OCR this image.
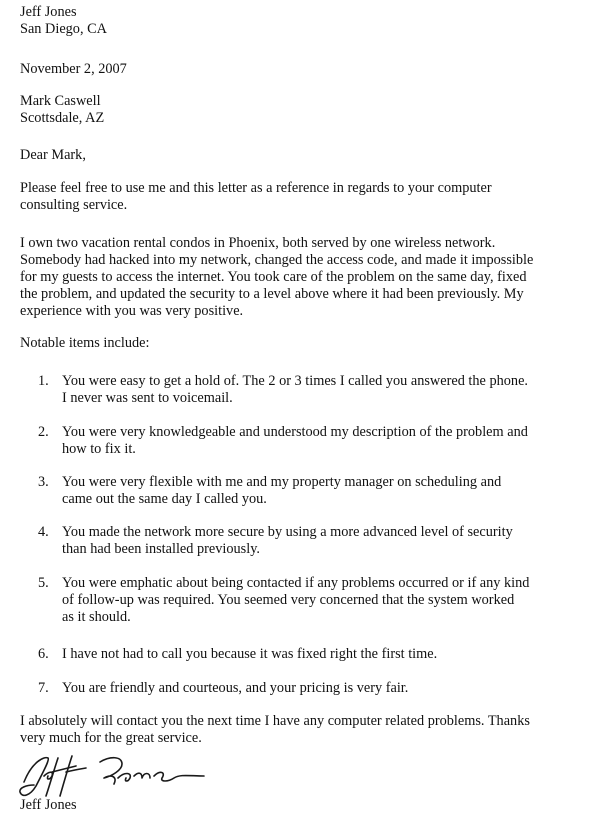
Jeff Jones
San Diego, CA
November 2, 2007
Mark Caswell
Scottsdale, AZ
Dear Mark,
Please feel free to use me and this letter as a reference in regards to your computer
consulting service.
I own two vacation rental condos in Phoenix, both served by one wireless network.
Somebody had hacked into my network, changed the access code, and made it impossible
for my guests to access the internet. You took care of the problem on the same day, fixed
the problem, and updated the security to a level above where it had been previously. My
experience with you was very positive.
Notable items include:
1. You were easy to get a hold of. The 2 or 3 times I called you answered the phone.
I never was sent to voicemail.
2. You were very knowledgeable and understood my description of the problem and
how to fix it.
3. You were very flexible with me and my property manager on scheduling and
came out the same day I called you.
4. You made the network more secure by using a more advanced level of security
than had been installed previously.
5. You were emphatic about being contacted if any problems occurred or if any kind
of follow-up was required. You seemed very concerned that the system worked
as it should.
6. I have not had to call you because it was fixed right the first time.
7. You are friendly and courteous, and your pricing is very fair.
I absolutely will contact you the next time I have any computer related problems. Thanks
very much for the great service.
Jeff Jones
